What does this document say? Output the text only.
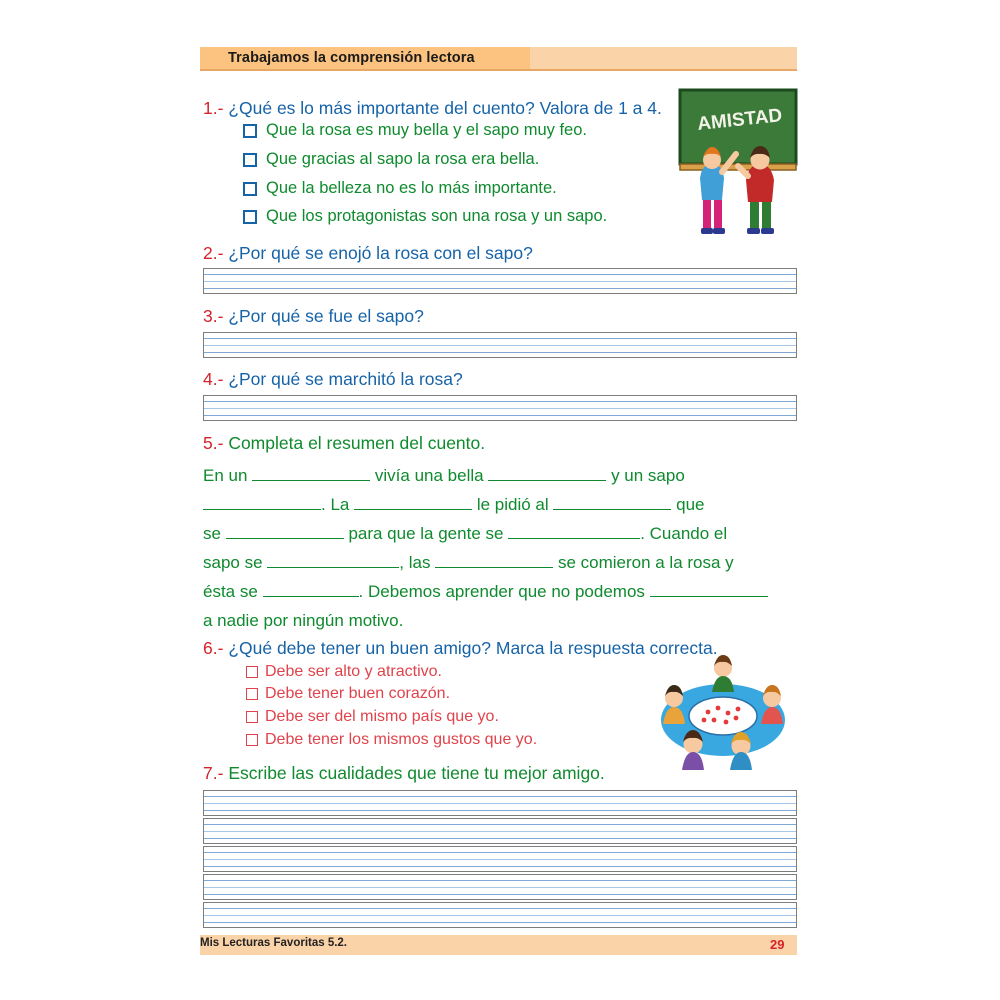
Trabajamos la comprensión lectora
1.- ¿Qué es lo más importante del cuento? Valora de 1 a 4.
Que la rosa es muy bella y el sapo muy feo.
Que gracias al sapo la rosa era bella.
Que la belleza no es lo más importante.
Que los protagonistas son una rosa y un sapo.
AMISTAD
2.- ¿Por qué se enojó la rosa con el sapo?
3.- ¿Por qué se fue el sapo?
4.- ¿Por qué se marchitó la rosa?
5.- Completa el resumen del cuento.
En un	vivía una bella	y un sapo
. La	le pidió al	que
se	para que la gente se	. Cuando el
sapo se	, las	se comieron a la rosa y
ésta se	. Debemos aprender que no podemos
a nadie por ningún motivo.
6.- ¿Qué debe tener un buen amigo? Marca la respuesta correcta.
Debe ser alto y atractivo.
Debe tener buen corazón.
Debe ser del mismo país que yo.
Debe tener los mismos gustos que yo.
7.- Escribe las cualidades que tiene tu mejor amigo.
Mis Lecturas Favoritas 5.2.	29
